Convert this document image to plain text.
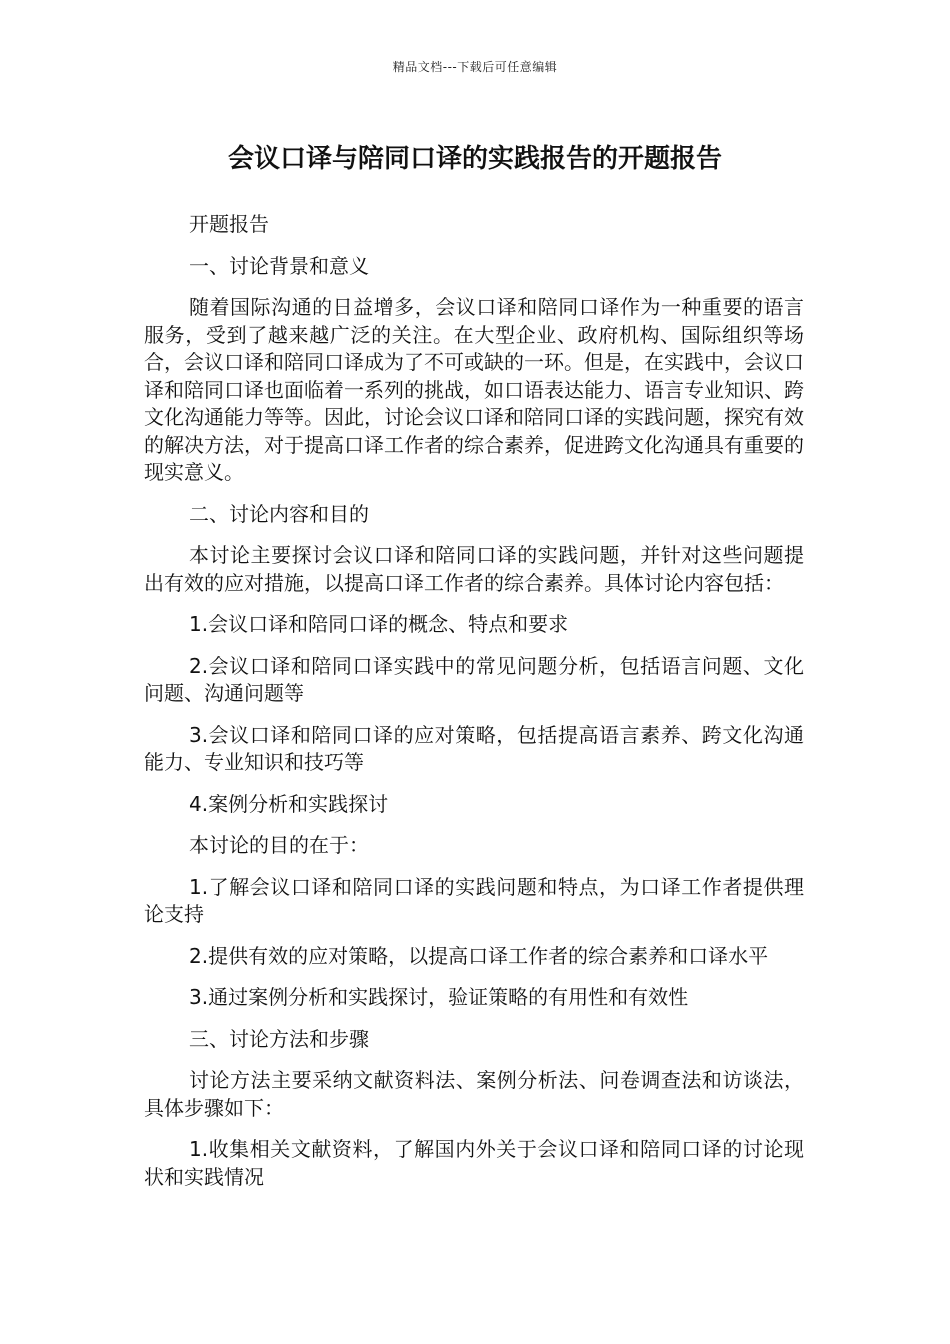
精品文档---下载后可任意编辑
会议口译与陪同口译的实践报告的开题报告

开题报告

一、讨论背景和意义

随着国际沟通的日益增多，会议口译和陪同口译作为一种重要的语言服务，受到了越来越广泛的关注。在大型企业、政府机构、国际组织等场合，会议口译和陪同口译成为了不可或缺的一环。但是，在实践中，会议口译和陪同口译也面临着一系列的挑战，如口语表达能力、语言专业知识、跨文化沟通能力等等。因此，讨论会议口译和陪同口译的实践问题，探究有效的解决方法，对于提高口译工作者的综合素养，促进跨文化沟通具有重要的现实意义。

二、讨论内容和目的

本讨论主要探讨会议口译和陪同口译的实践问题，并针对这些问题提出有效的应对措施，以提高口译工作者的综合素养。具体讨论内容包括：

1.会议口译和陪同口译的概念、特点和要求

2.会议口译和陪同口译实践中的常见问题分析，包括语言问题、文化问题、沟通问题等

3.会议口译和陪同口译的应对策略，包括提高语言素养、跨文化沟通能力、专业知识和技巧等

4.案例分析和实践探讨

本讨论的目的在于：

1.了解会议口译和陪同口译的实践问题和特点，为口译工作者提供理论支持

2.提供有效的应对策略，以提高口译工作者的综合素养和口译水平

3.通过案例分析和实践探讨，验证策略的有用性和有效性

三、讨论方法和步骤

讨论方法主要采纳文献资料法、案例分析法、问卷调查法和访谈法，具体步骤如下：

1.收集相关文献资料，了解国内外关于会议口译和陪同口译的讨论现状和实践情况
